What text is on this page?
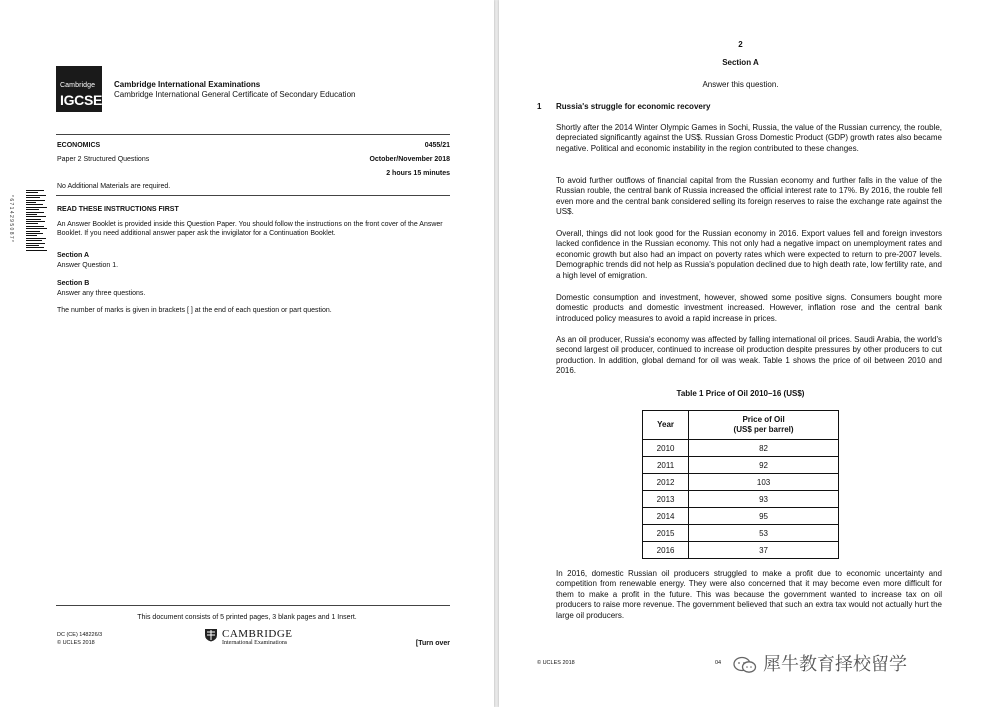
Cambridge
IGCSE
Cambridge International Examinations
Cambridge International General Certificate of Secondary Education
ECONOMICS	0455/21
Paper 2 Structured Questions	October/November 2018
2 hours 15 minutes
No Additional Materials are required.
* 6 7 1 4 2 9 5 0 8 7 *	READ THESE INSTRUCTIONS FIRST
An Answer Booklet is provided inside this Question Paper. You should follow the instructions on the front cover of the Answer Booklet. If you need additional answer paper ask the invigilator for a Continuation Booklet.
Section A
Answer Question 1.
Section B
Answer any three questions.
The number of marks is given in brackets [ ] at the end of each question or part question.
This document consists of 5 printed pages, 3 blank pages and 1 Insert.
DC (CE) 148226/3
© UCLES 2018
CAMBRIDGE
International Examinations	[Turn over
2
Section A
Answer this question.
1 Russia's struggle for economic recovery
Shortly after the 2014 Winter Olympic Games in Sochi, Russia, the value of the Russian currency, the rouble, depreciated significantly against the US$. Russian Gross Domestic Product (GDP) growth rates also became negative. Political and economic instability in the region contributed to these changes.
To avoid further outflows of financial capital from the Russian economy and further falls in the value of the Russian rouble, the central bank of Russia increased the official interest rate to 17%. By 2016, the rouble fell even more and the central bank considered selling its foreign reserves to raise the exchange rate against the US$.
Overall, things did not look good for the Russian economy in 2016. Export values fell and foreign investors lacked confidence in the Russian economy. This not only had a negative impact on unemployment rates and economic growth but also had an impact on poverty rates which were expected to return to pre-2007 levels. Demographic trends did not help as Russia's population declined due to high death rate, low fertility rate, and a high level of emigration.
Domestic consumption and investment, however, showed some positive signs. Consumers bought more domestic products and domestic investment increased. However, inflation rose and the central bank introduced policy measures to avoid a rapid increase in prices.
As an oil producer, Russia's economy was affected by falling international oil prices. Saudi Arabia, the world's second largest oil producer, continued to increase oil production despite pressures by other producers to cut production. In addition, global demand for oil was weak. Table 1 shows the price of oil between 2010 and 2016.
Table 1 Price of Oil 2010–16 (US$)
Year	Price of Oil
(US$ per barrel)
2010	82
2011	92
2012	103
2013	93
2014	95
2015	53
2016	37
In 2016, domestic Russian oil producers struggled to make a profit due to economic uncertainty and competition from renewable energy. They were also concerned that it may become even more difficult for them to make a profit in the future. This was because the government wanted to increase tax on oil producers to raise more revenue. The government believed that such an extra tax would not actually hurt the large oil producers.
© UCLES 2018	04	犀牛教育择校留学
